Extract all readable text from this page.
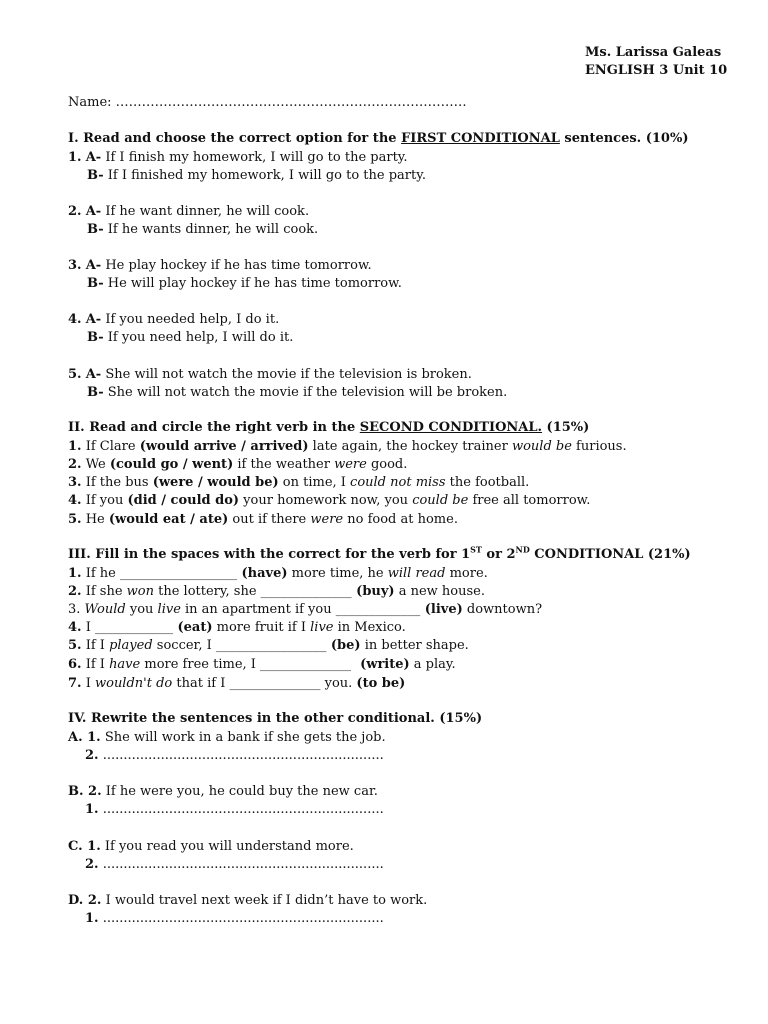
Ms. Larissa Galeas
ENGLISH 3 Unit 10
Name: ………………………………………………………………………
I. Read and choose the correct option for the FIRST CONDITIONAL sentences. (10%)
1. A- If I finish my homework, I will go to the party.
B- If I finished my homework, I will go to the party.
2. A- If he want dinner, he will cook.
B- If he wants dinner, he will cook.
3. A- He play hockey if he has time tomorrow.
B- He will play hockey if he has time tomorrow.
4. A- If you needed help, I do it.
B- If you need help, I will do it.
5. A- She will not watch the movie if the television is broken.
B- She will not watch the movie if the television will be broken.
II. Read and circle the right verb in the SECOND CONDITIONAL. (15%)
1. If Clare (would arrive / arrived) late again, the hockey trainer would be furious.
2. We (could go / went) if the weather were good.
3. If the bus (were / would be) on time, I could not miss the football.
4. If you (did / could do) your homework now, you could be free all tomorrow.
5. He (would eat / ate) out if there were no food at home.
III. Fill in the spaces with the correct for the verb for 1ST or 2ND CONDITIONAL (21%)
1. If he __________________ (have) more time, he will read more.
2. If she won the lottery, she ______________ (buy) a new house.
3. Would you live in an apartment if you _____________ (live) downtown?
4. I ____________ (eat) more fruit if I live in Mexico.
5. If I played soccer, I _________________ (be) in better shape.
6. If I have more free time, I ______________  (write) a play.
7. I wouldn't do that if I ______________ you. (to be)
IV. Rewrite the sentences in the other conditional. (15%)
A. 1. She will work in a bank if she gets the job.
2. ....................................................................
B. 2. If he were you, he could buy the new car.
1. ....................................................................
C. 1. If you read you will understand more.
2. ....................................................................
D. 2. I would travel next week if I didn’t have to work.
1. ....................................................................
